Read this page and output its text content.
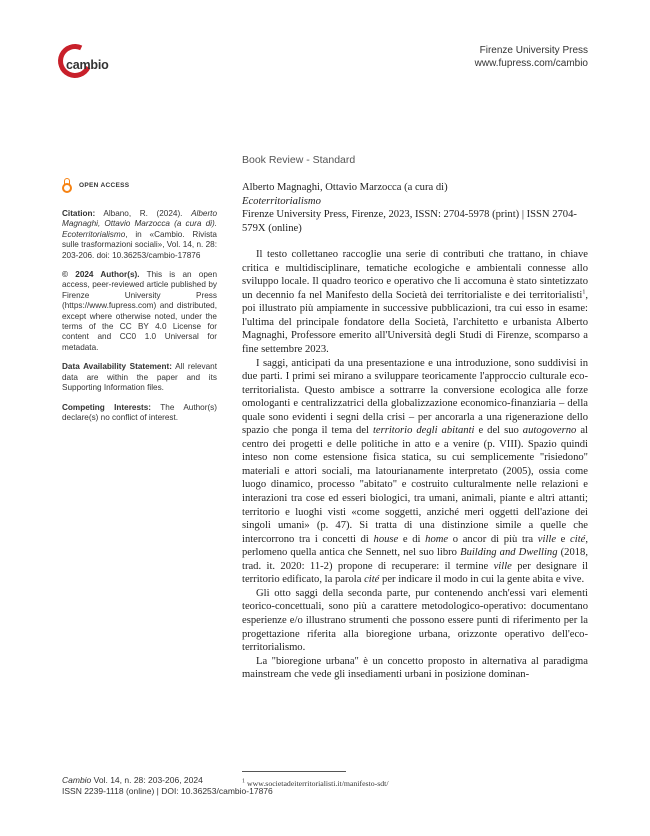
cambio
Firenze University Press
www.fupress.com/cambio
Book Review - Standard
OPEN ACCESS

Citation: Albano, R. (2024). Alberto Magnaghi, Ottavio Marzocca (a cura di). Ecoterritorialismo, in «Cambio. Rivista sulle trasformazioni sociali», Vol. 14, n. 28: 203-206. doi: 10.36253/cambio-17876

© 2024 Author(s). This is an open access, peer-reviewed article published by Firenze University Press (https://www.fupress.com) and distributed, except where otherwise noted, under the terms of the CC BY 4.0 License for content and CC0 1.0 Universal for metadata.

Data Availability Statement: All relevant data are within the paper and its Supporting Information files.

Competing Interests: The Author(s) declare(s) no conflict of interest.

Alberto Magnaghi, Ottavio Marzocca (a cura di)
Ecoterritorialismo
Firenze University Press, Firenze, 2023, ISSN: 2704-5978 (print) | ISSN 2704-579X (online)

Il testo collettaneo raccoglie una serie di contributi che trattano, in chiave critica e multidisciplinare, tematiche ecologiche e ambientali connesse allo sviluppo locale. Il quadro teorico e operativo che li accomuna è stato sintetizzato un decennio fa nel Manifesto della Società dei territorialiste e dei territorialisti$^1$, poi illustrato più ampiamente in successive pubblicazioni, tra cui esso in esame: l'ultima del principale fondatore della Società, l'architetto e urbanista Alberto Magnaghi, Professore emerito all'Università degli Studi di Firenze, scomparso a fine settembre 2023.

I saggi, anticipati da una presentazione e una introduzione, sono suddivisi in due parti. I primi sei mirano a sviluppare teoricamente l'approccio culturale eco-territorialista. Questo ambisce a sottrarre la conversione ecologica alle forze omologanti e centralizzatrici della globalizzazione economico-finanziaria – della quale sono evidenti i segni della crisi – per ancorarla a una rigenerazione dello spazio che ponga il tema del territorio degli abitanti e del suo autogoverno al centro dei progetti e delle politiche in atto e a venire (p. VIII). Spazio quindi inteso non come estensione fisica statica, su cui semplicemente "risiedono" materiali e attori sociali, ma latourianamente interpretato (2005), ossia come luogo dinamico, processo "abitato" e costruito culturalmente nelle relazioni e interazioni tra cose ed esseri biologici, tra umani, animali, piante e altri attanti; territorio e luoghi visti «come soggetti, anziché meri oggetti dell'azione dei singoli umani» (p. 47). Si tratta di una distinzione simile a quelle che intercorrono tra i concetti di house e di home o ancor di più tra ville e cité, perlomeno quella antica che Sennett, nel suo libro Building and Dwelling (2018, trad. it. 2020: 11-2) propone di recuperare: il termine ville per designare il territorio edificato, la parola cité per indicare il modo in cui la gente abita e vive.

Gli otto saggi della seconda parte, pur contenendo anch'essi vari elementi teorico-concettuali, sono più a carattere metodologico-operativo: documentano esperienze e/o illustrano strumenti che possono essere punti di riferimento per la progettazione riferita alla bioregione urbana, orizzonte operativo dell'eco-territorialismo.

La "bioregione urbana" è un concetto proposto in alternativa al paradigma mainstream che vede gli insediamenti urbani in posizione dominan-

$^1$ www.societadeiterritorialisti.it/manifesto-sdt/
Cambio Vol. 14, n. 28: 203-206, 2024
ISSN 2239-1118 (online) | DOI: 10.36253/cambio-17876
